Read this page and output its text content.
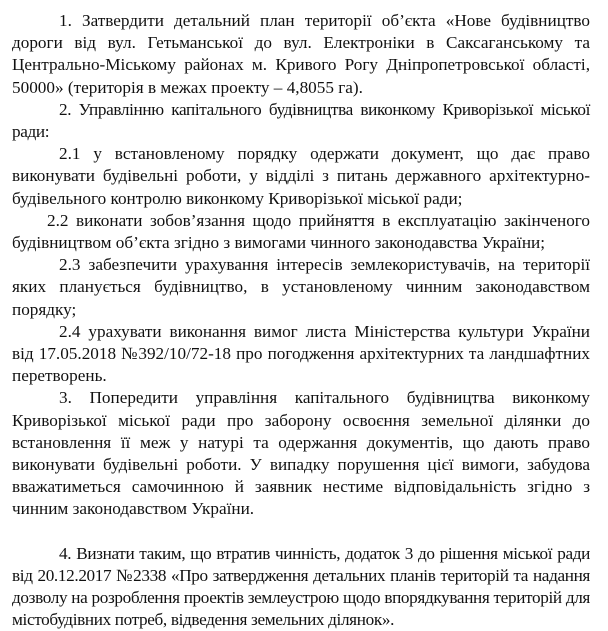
1. Затвердити детальний план території об’єкта «Нове будівництво дороги від вул. Гетьманської до вул. Електроніки в Саксаганському та Центрально-Міському районах м. Кривого Рогу Дніпропетровської області, 50000» (територія в межах проекту – 4,8055 га).

2. Управлінню капітального будівництва виконкому Криворізької міської ради:

2.1 у встановленому порядку одержати документ, що дає право виконувати будівельні роботи, у відділі з питань державного архітектурно-будівельного контролю виконкому Криворізької міської ради;

2.2 виконати зобов’язання щодо прийняття в експлуатацію закінченого будівництвом об’єкта згідно з вимогами чинного законодавства України;

2.3 забезпечити урахування інтересів землекористувачів, на території яких планується будівництво, в установленому чинним законодавством порядку;

2.4 урахувати виконання вимог листа Міністерства культури України від 17.05.2018 №392/10/72-18 про погодження архітектурних та ландшафтних перетворень.

3. Попередити управління капітального будівництва виконкому Криворізької міської ради про заборону освоєння земельної ділянки до встановлення її меж у натурі та одержання документів, що дають право виконувати будівельні роботи. У випадку порушення цієї вимоги, забудова вважатиметься самочинною й заявник нестиме відповідальність згідно з чинним законодавством України.

4. Визнати таким, що втратив чинність, додаток 3 до рішення міської ради від 20.12.2017 №2338 «Про затвердження детальних планів територій та надання дозволу на розроблення проектів землеустрою щодо впорядкування територій для містобудівних потреб, відведення земельних ділянок».
